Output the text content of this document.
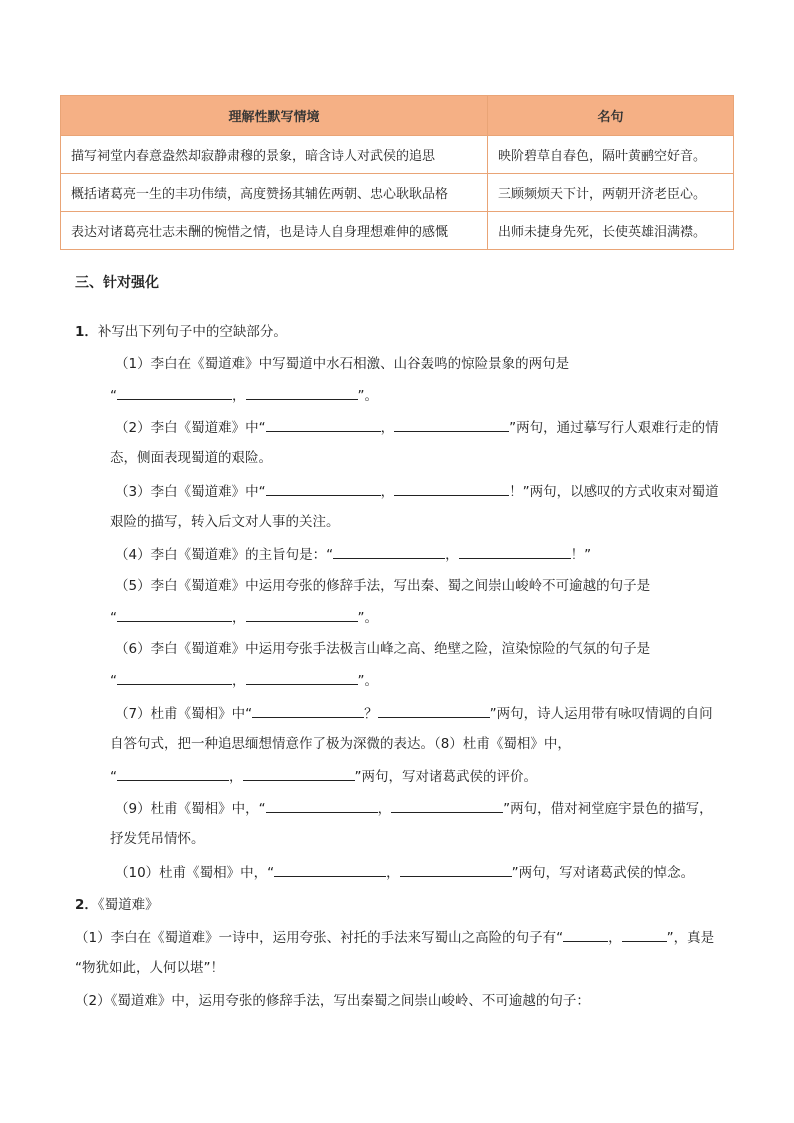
理解性默写情境	名句
描写祠堂内春意盎然却寂静肃穆的景象，暗含诗人对武侯的追思	映阶碧草自春色，隔叶黄鹂空好音。
概括诸葛亮一生的丰功伟绩，高度赞扬其辅佐两朝、忠心耿耿品格	三顾频烦天下计，两朝开济老臣心。
表达对诸葛亮壮志未酬的惋惜之情，也是诗人自身理想难伸的感慨	出师未捷身先死，长使英雄泪满襟。
三、针对强化
1．补写出下列句子中的空缺部分。
（1）李白在《蜀道难》中写蜀道中水石相激、山谷轰鸣的惊险景象的两句是
“	，	”。
（2）李白《蜀道难》中“	，	”两句，通过摹写行人艰难行走的情
态，侧面表现蜀道的艰险。
（3）李白《蜀道难》中“	，	！”两句，以感叹的方式收束对蜀道
艰险的描写，转入后文对人事的关注。
（4）李白《蜀道难》的主旨句是：“	，	！”
（5）李白《蜀道难》中运用夸张的修辞手法，写出秦、蜀之间崇山峻岭不可逾越的句子是
“	，	”。
（6）李白《蜀道难》中运用夸张手法极言山峰之高、绝壁之险，渲染惊险的气氛的句子是
“	，	”。
（7）杜甫《蜀相》中“	？	”两句，诗人运用带有咏叹情调的自问
自答句式，把一种追思缅想情意作了极为深微的表达。（8）杜甫《蜀相》中，
“	，	”两句，写对诸葛武侯的评价。
（9）杜甫《蜀相》中，“	，	”两句，借对祠堂庭宇景色的描写，
抒发凭吊情怀。
（10）杜甫《蜀相》中，“	，	”两句，写对诸葛武侯的悼念。
2．《蜀道难》
（1）李白在《蜀道难》一诗中，运用夸张、衬托的手法来写蜀山之高险的句子有“	，	”，真是
“物犹如此，人何以堪”！
（2）《蜀道难》中，运用夸张的修辞手法，写出秦蜀之间崇山峻岭、不可逾越的句子：
